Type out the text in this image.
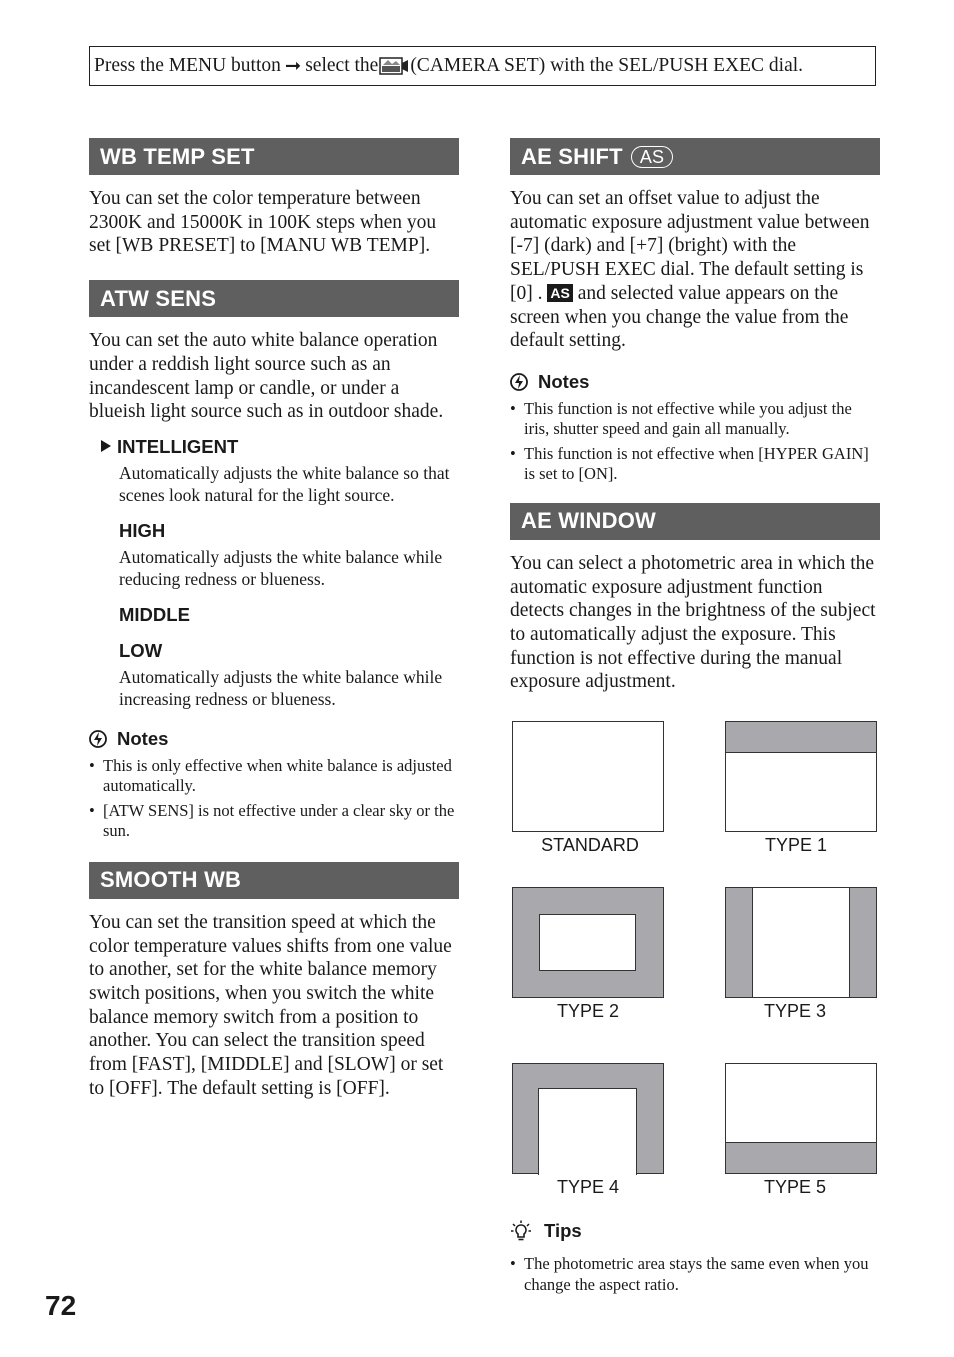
Press the MENU button ➞ select the (CAMERA SET) with the SEL/PUSH EXEC dial.
WB TEMP SET

You can set the color temperature between 2300K and 15000K in 100K steps when you set [WB PRESET] to [MANU WB TEMP].

ATW SENS

You can set the auto white balance operation under a reddish light source such as an incandescent lamp or candle, or under a blueish light source such as in outdoor shade.

INTELLIGENT
Automatically adjusts the white balance so that scenes look natural for the light source.
HIGH
Automatically adjusts the white balance while reducing redness or blueness.
MIDDLE
LOW
Automatically adjusts the white balance while increasing redness or blueness.
Notes
• This is only effective when white balance is adjusted automatically.
• [ATW SENS] is not effective under a clear sky or the sun.
SMOOTH WB

You can set the transition speed at which the color temperature values shifts from one value to another, set for the white balance memory switch positions, when you switch the white balance memory switch from a position to another. You can select the transition speed from [FAST], [MIDDLE] and [SLOW] or set to [OFF]. The default setting is [OFF].

AE SHIFT AS

You can set an offset value to adjust the automatic exposure adjustment value between [-7] (dark) and [+7] (bright) with the SEL/PUSH EXEC dial. The default setting is [0] . AS and selected value appears on the screen when you change the value from the default setting.

Notes
• This function is not effective while you adjust the iris, shutter speed and gain all manually.
• This function is not effective when [HYPER GAIN] is set to [ON].
AE WINDOW

You can select a photometric area in which the automatic exposure adjustment function detects changes in the brightness of the subject to automatically adjust the exposure. This function is not effective during the manual exposure adjustment.

STANDARD	TYPE 1
TYPE 2	TYPE 3
TYPE 4	TYPE 5
Tips
• The photometric area stays the same even when you change the aspect ratio.
72
